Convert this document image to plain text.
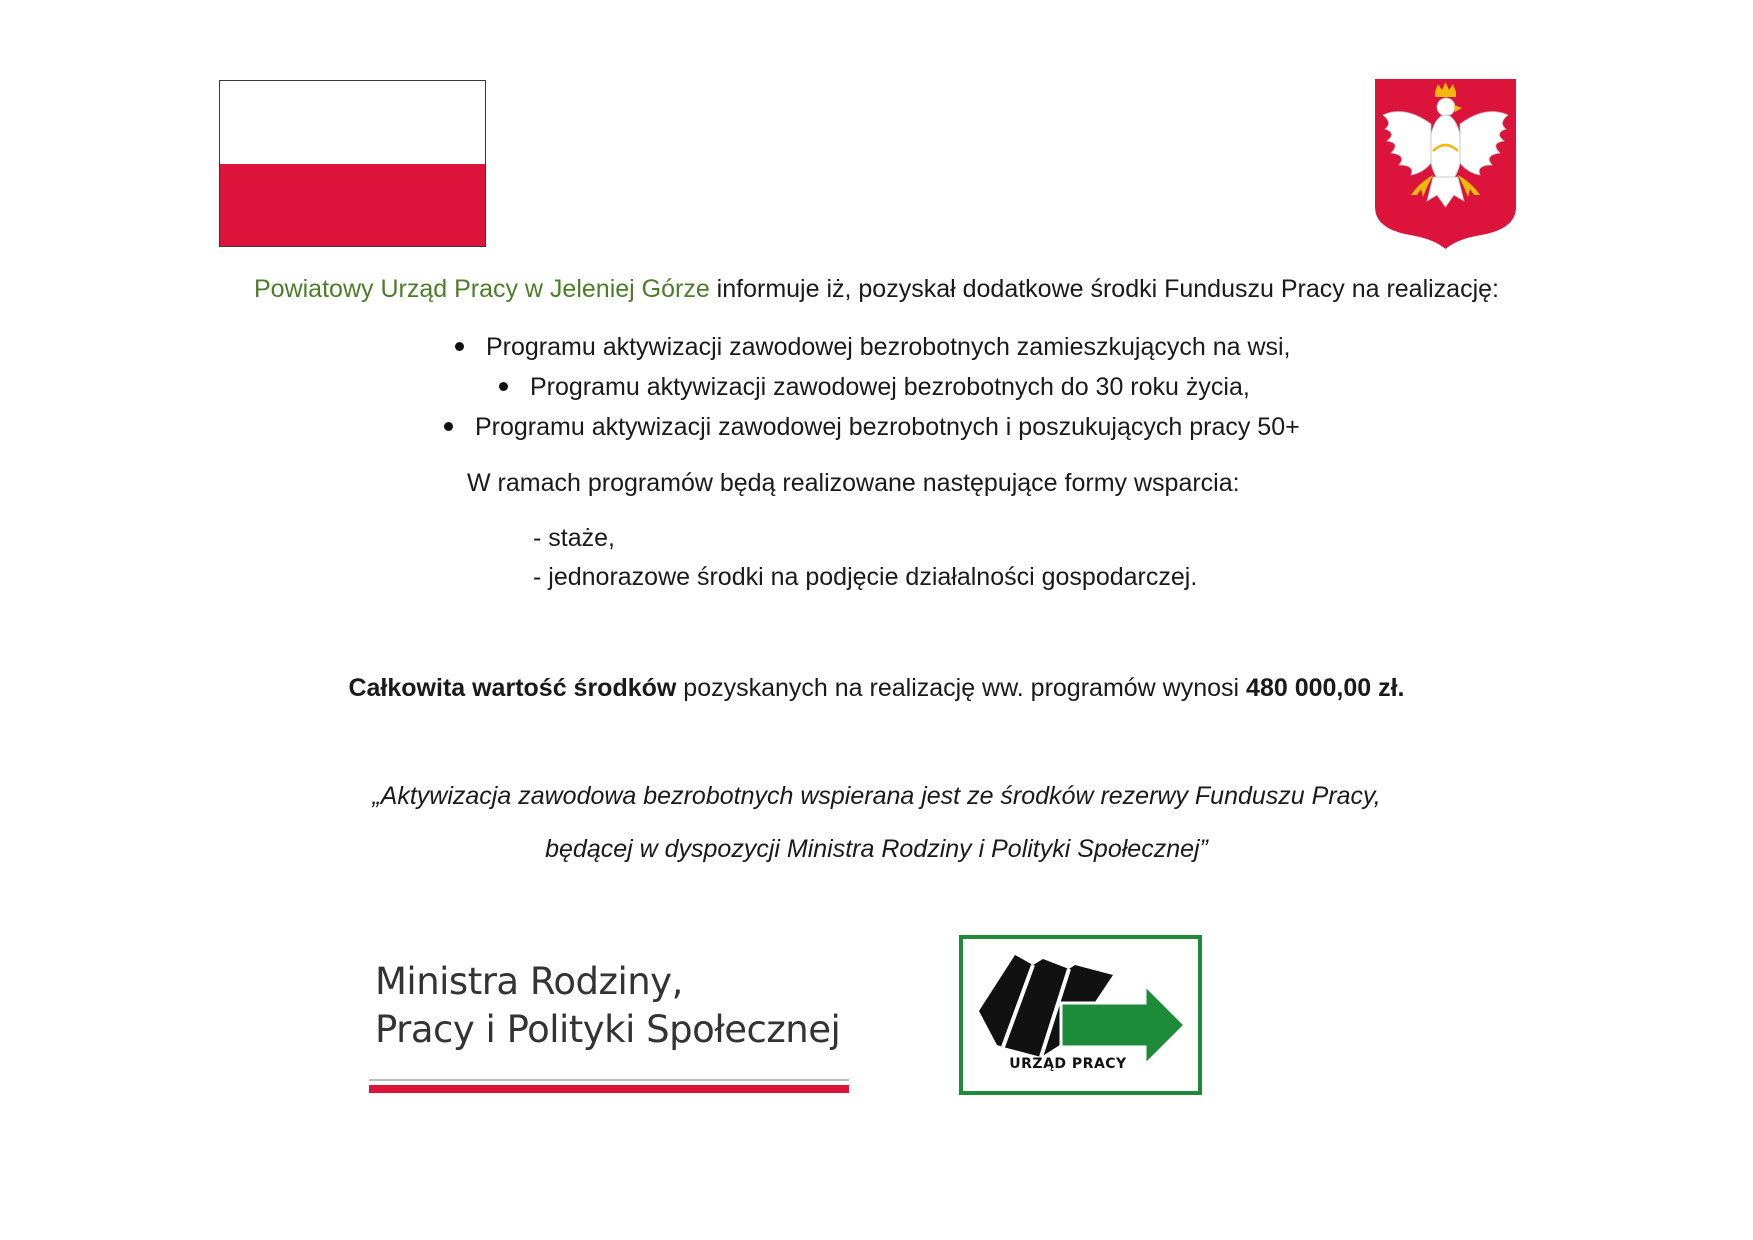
Powiatowy Urząd Pracy w Jeleniej Górze informuje iż, pozyskał dodatkowe środki Funduszu Pracy na realizację:
Programu aktywizacji zawodowej bezrobotnych zamieszkujących na wsi,
Programu aktywizacji zawodowej bezrobotnych do 30 roku życia,
Programu aktywizacji zawodowej bezrobotnych i poszukujących pracy 50+
W ramach programów będą realizowane następujące formy wsparcia:
- staże,
- jednorazowe środki na podjęcie działalności gospodarczej.
Całkowita wartość środków pozyskanych na realizację ww. programów wynosi 480 000,00 zł.
„Aktywizacja zawodowa bezrobotnych wspierana jest ze środków rezerwy Funduszu Pracy,
będącej w dyspozycji Ministra Rodziny i Polityki Społecznej”
Ministra Rodziny,
Pracy i Polityki Społecznej
URZĄD PRACY
